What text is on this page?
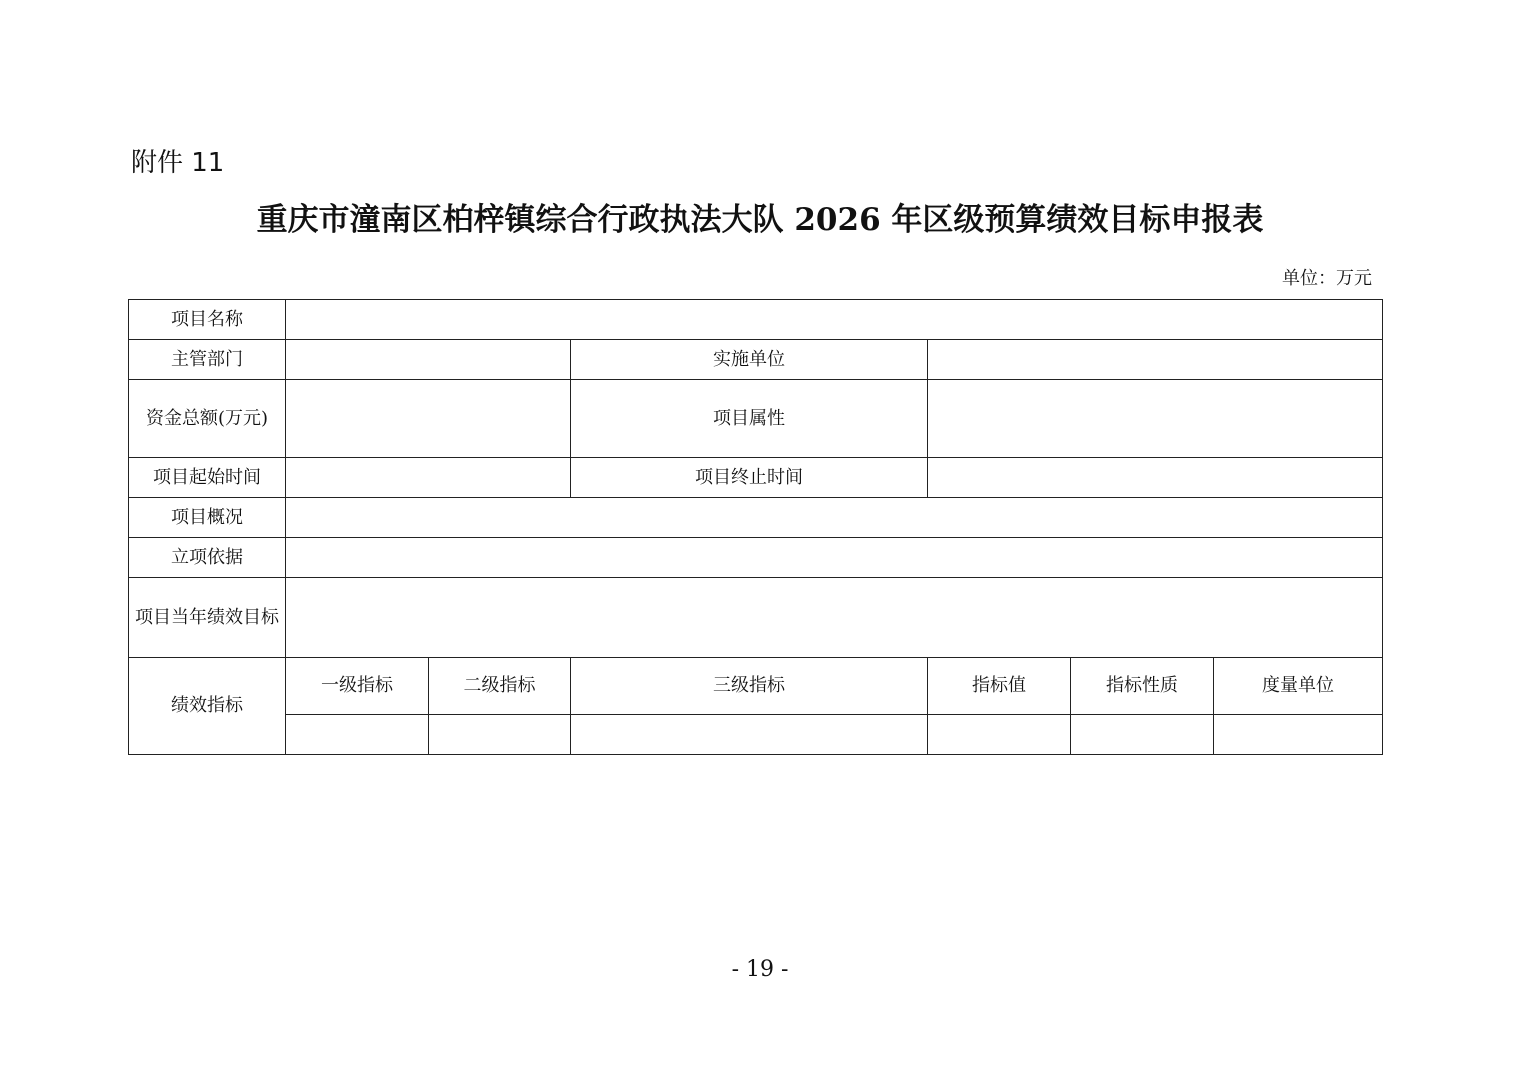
附件 11
重庆市潼南区柏梓镇综合行政执法大队 2026 年区级预算绩效目标申报表
单位：万元
项目名称							
主管部门			实施单位				
资金总额(万元)			项目属性				
项目起始时间			项目终止时间				
项目概况							
立项依据							
项目当年绩效目标							
绩效指标	一级指标	二级指标	三级指标	指标值	指标性质	度量单位	

- 19 -
